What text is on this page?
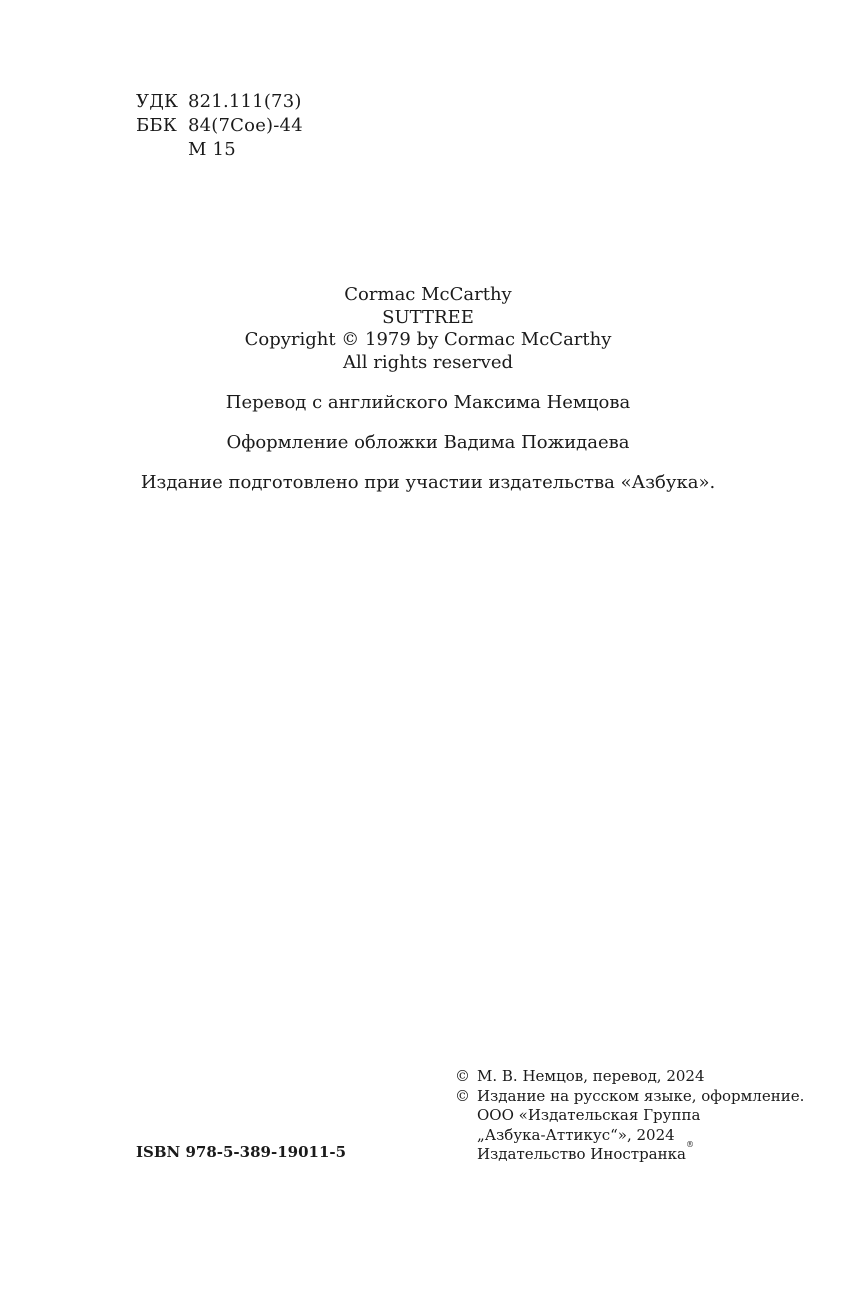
УДК 821.111(73)
ББК 84(7Сое)-44
М 15
Cormac McCarthy
SUTTREE
Copyright © 1979 by Cormac McCarthy
All rights reserved
Перевод с английского Максима Немцова
Оформление обложки Вадима Пожидаева
Издание подготовлено при участии издательства «Азбука».
© М. В. Немцов, перевод, 2024
© Издание на русском языке, оформление.
ООО «Издательская Группа
„Азбука-Аттикус“», 2024
Издательство Иностранка
®
ISBN 978-5-389-19011-5
